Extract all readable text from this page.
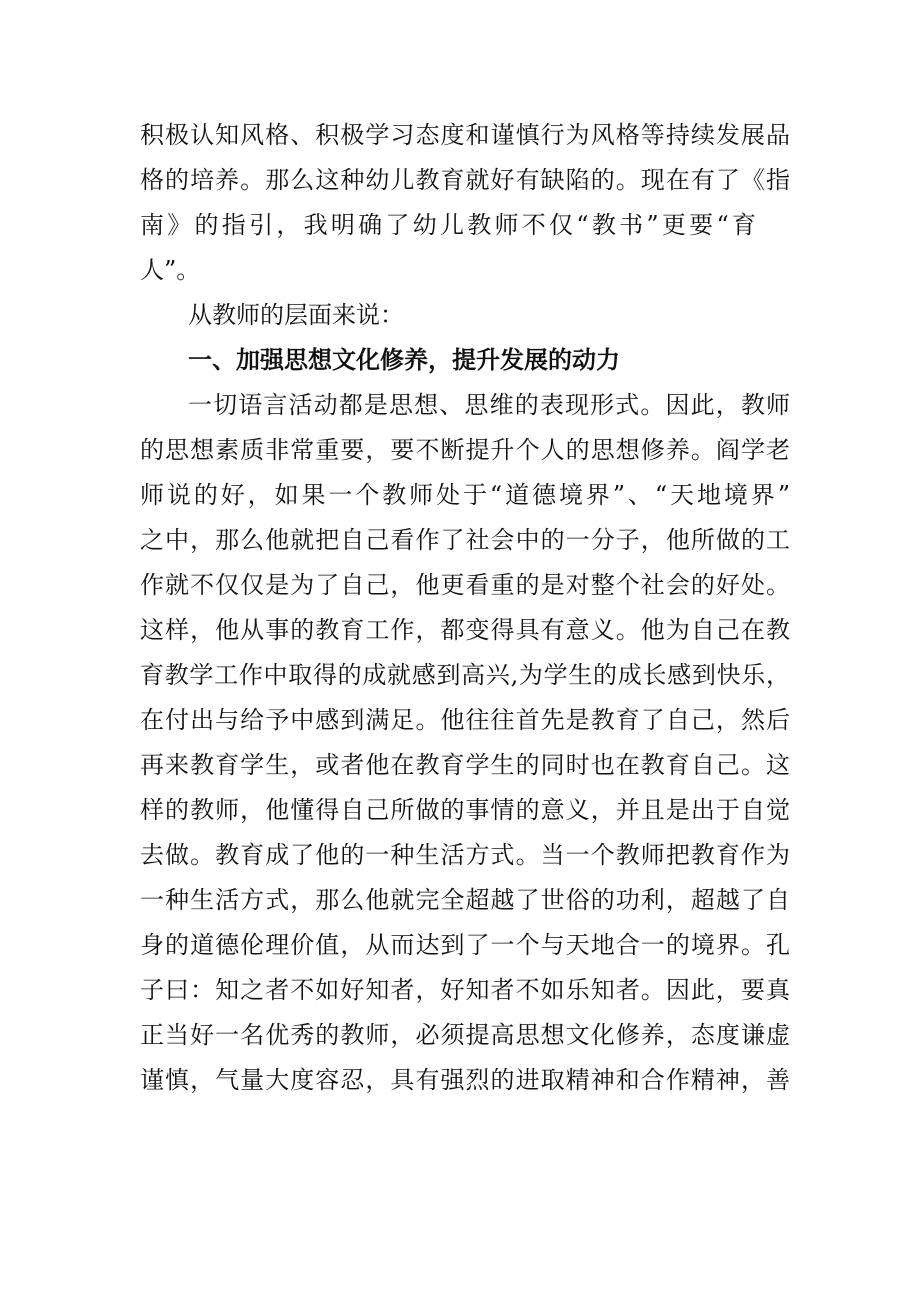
积极认知风格、积极学习态度和谨慎行为风格等持续发展品
格的培养。那么这种幼儿教育就好有缺陷的。现在有了《指
南》的指引，我明确了幼儿教师不仅“教书”更要“育
人”。
从教师的层面来说：
一、加强思想文化修养，提升发展的动力
一切语言活动都是思想、思维的表现形式。因此，教师
的思想素质非常重要，要不断提升个人的思想修养。阎学老
师说的好，如果一个教师处于“道德境界”、“天地境界”
之中，那么他就把自己看作了社会中的一分子，他所做的工
作就不仅仅是为了自己，他更看重的是对整个社会的好处。
这样，他从事的教育工作，都变得具有意义。他为自己在教
育教学工作中取得的成就感到高兴,为学生的成长感到快乐，
在付出与给予中感到满足。他往往首先是教育了自己，然后
再来教育学生，或者他在教育学生的同时也在教育自己。这
样的教师，他懂得自己所做的事情的意义，并且是出于自觉
去做。教育成了他的一种生活方式。当一个教师把教育作为
一种生活方式，那么他就完全超越了世俗的功利，超越了自
身的道德伦理价值，从而达到了一个与天地合一的境界。孔
子曰：知之者不如好知者，好知者不如乐知者。因此，要真
正当好一名优秀的教师，必须提高思想文化修养，态度谦虚
谨慎，气量大度容忍，具有强烈的进取精神和合作精神，善
